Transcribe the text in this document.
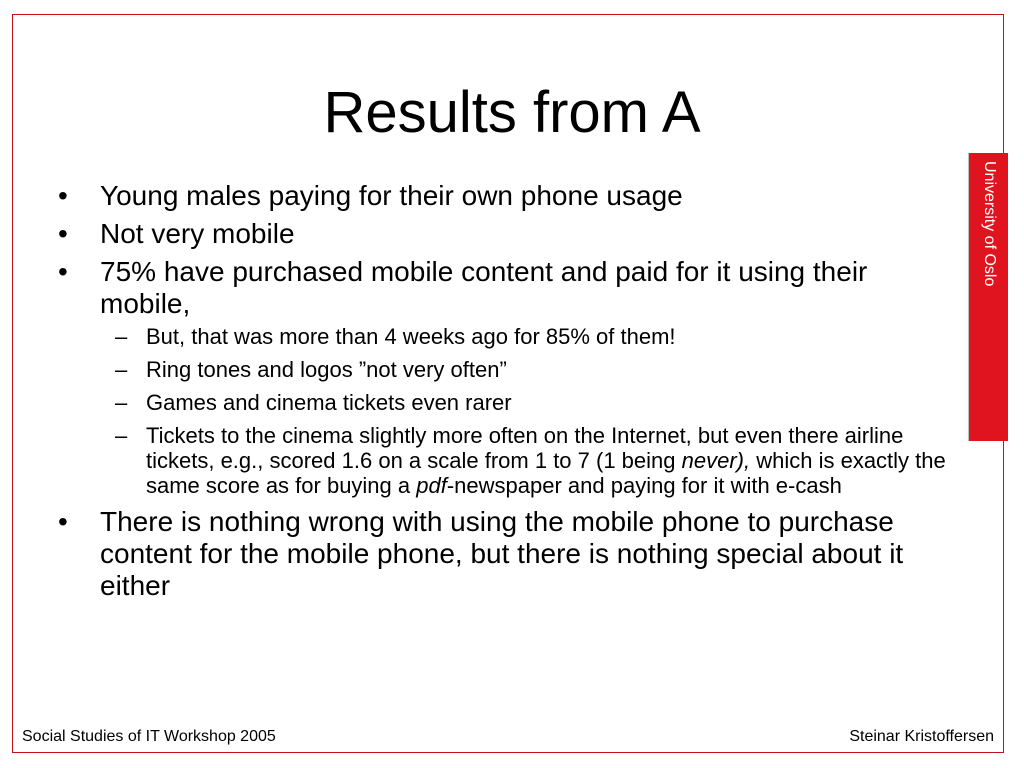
Results from A
University of Oslo
•	Young males paying for their own phone usage
•	Not very mobile
•	75% have purchased mobile content and paid for it using their mobile,
– But, that was more than 4 weeks ago for 85% of them!
– Ring tones and logos ”not very often”
– Games and cinema tickets even rarer
– Tickets to the cinema slightly more often on the Internet, but even there airline tickets, e.g., scored 1.6 on a scale from 1 to 7 (1 being never), which is exactly the same score as for buying a pdf-newspaper and paying for it with e-cash
•	There is nothing wrong with using the mobile phone to purchase content for the mobile phone, but there is nothing special about it either
Social Studies of IT Workshop 2005	Steinar Kristoffersen
